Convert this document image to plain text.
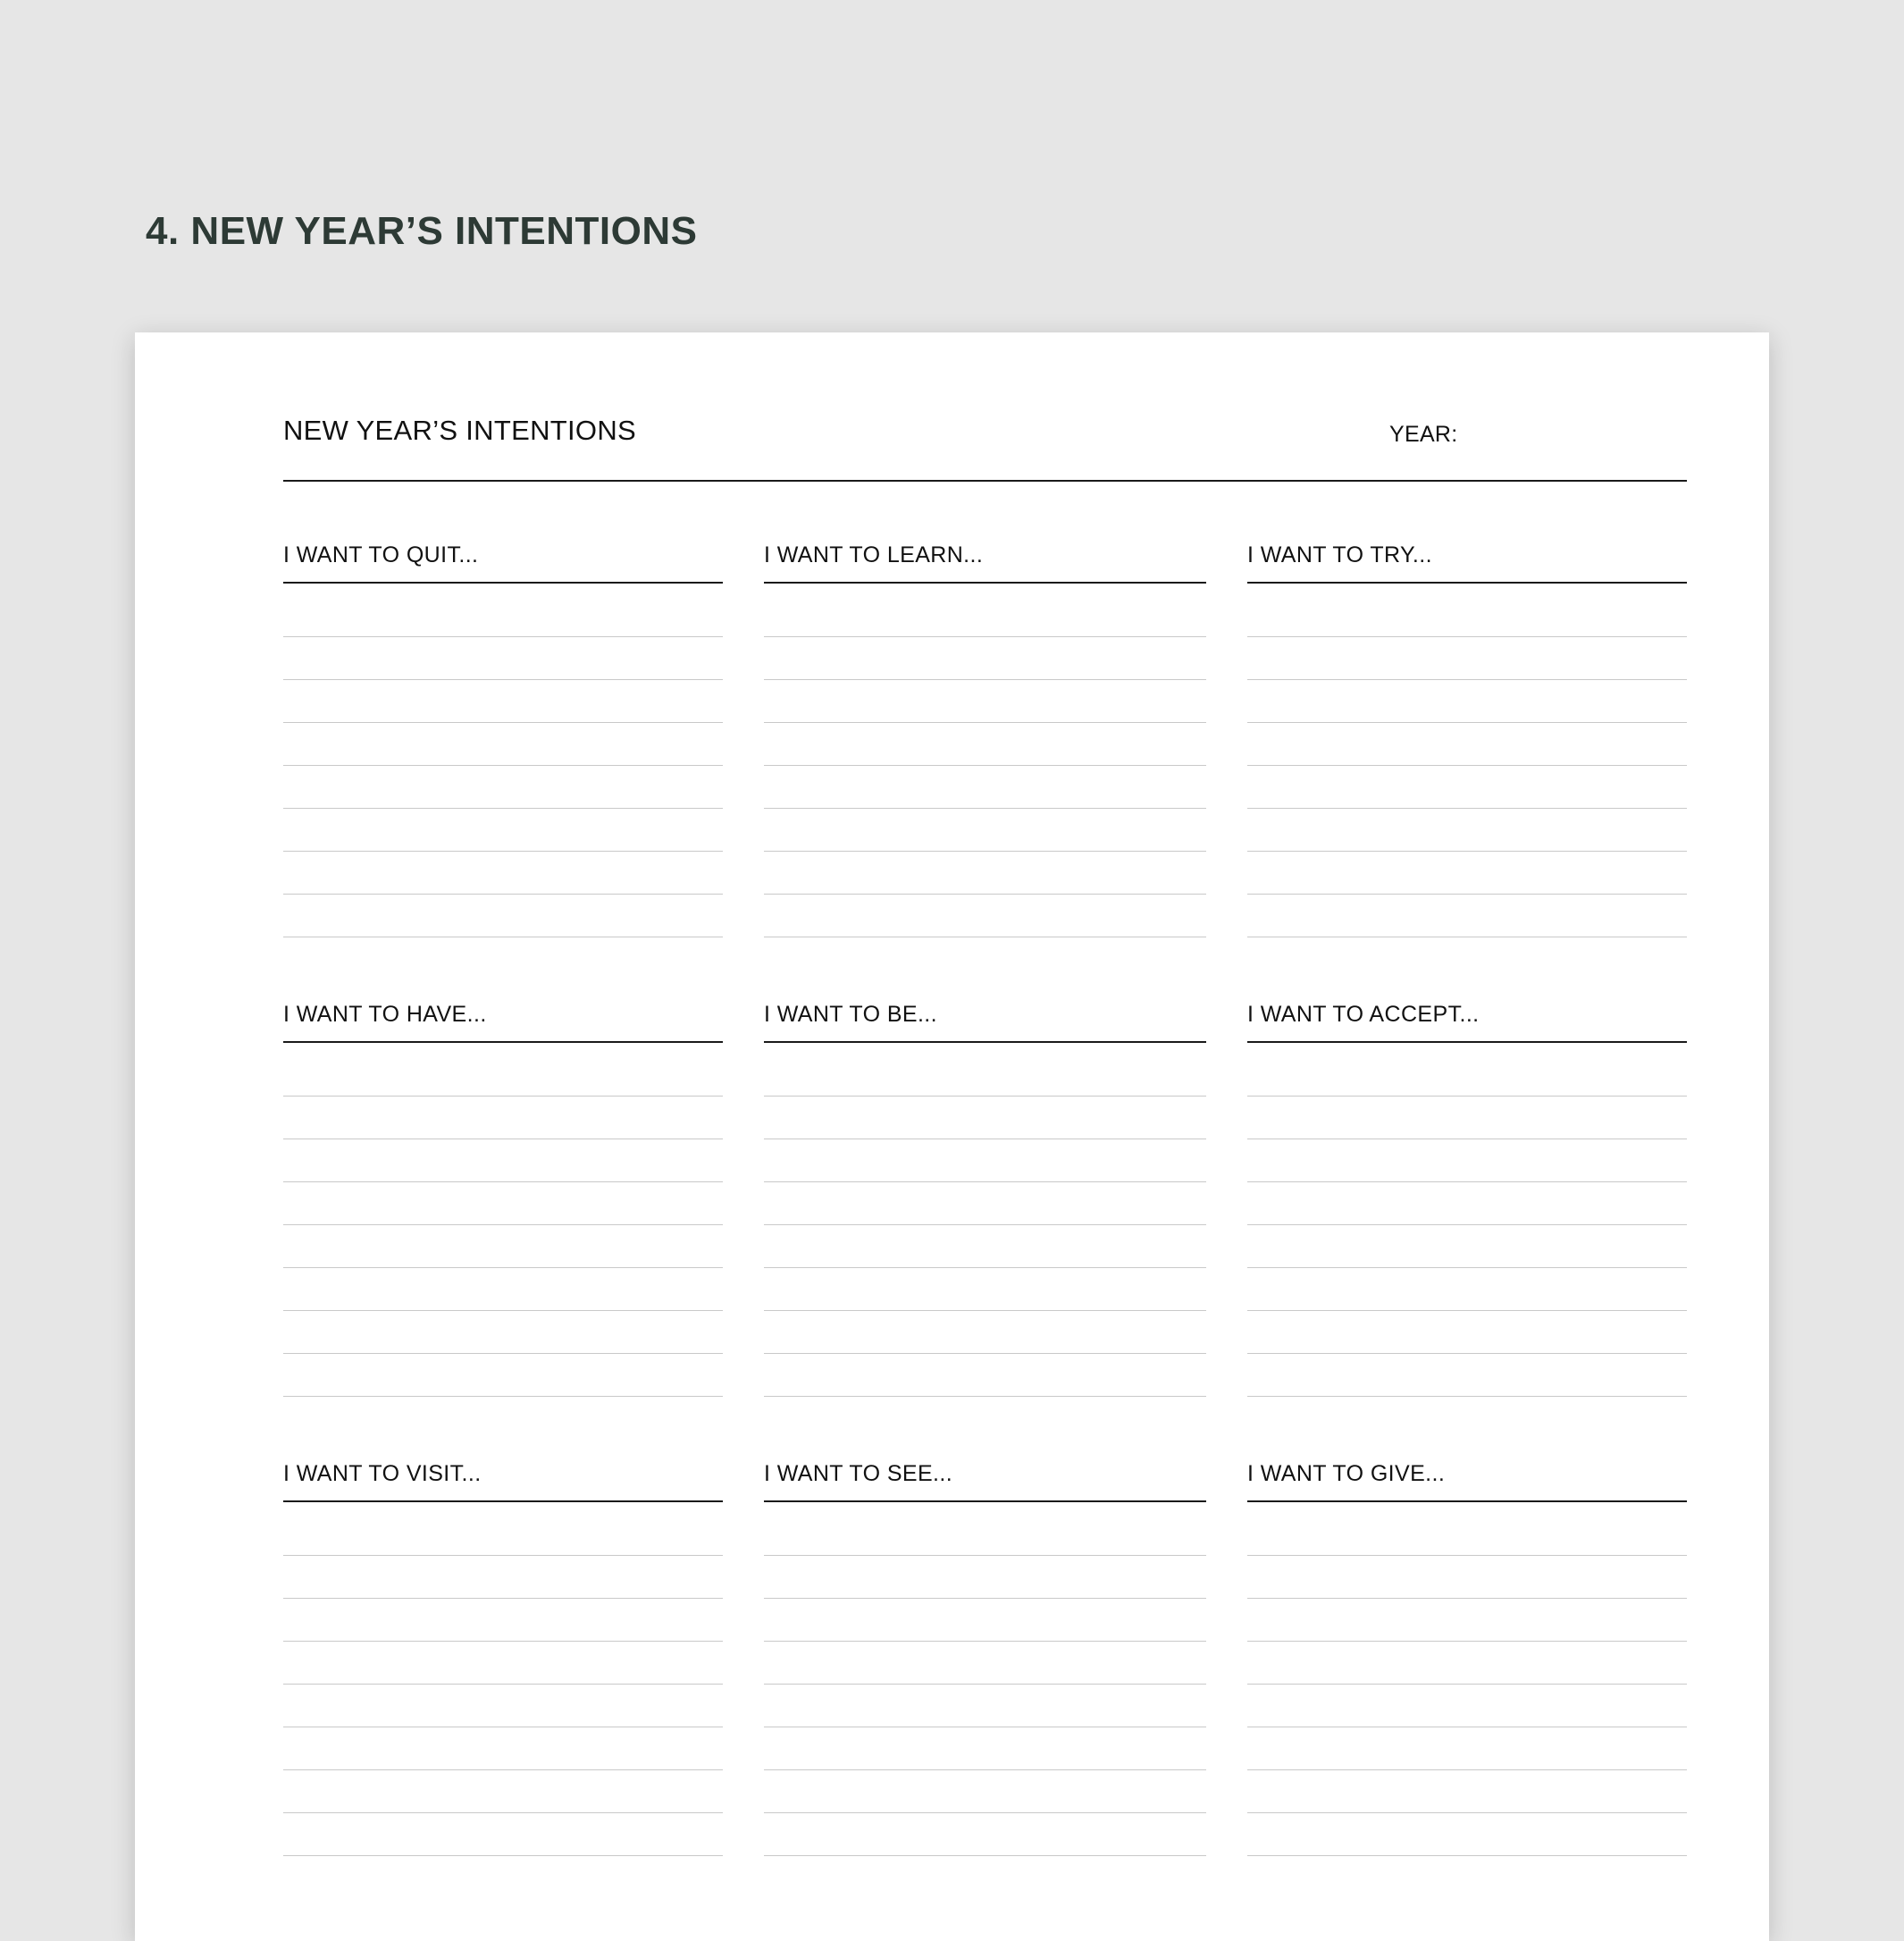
4. NEW YEAR’S INTENTIONS
NEW YEAR’S INTENTIONS	YEAR:
I WANT TO QUIT...	I WANT TO LEARN...	I WANT TO TRY...
I WANT TO HAVE...	I WANT TO BE...	I WANT TO ACCEPT...
I WANT TO VISIT...	I WANT TO SEE...	I WANT TO GIVE...
